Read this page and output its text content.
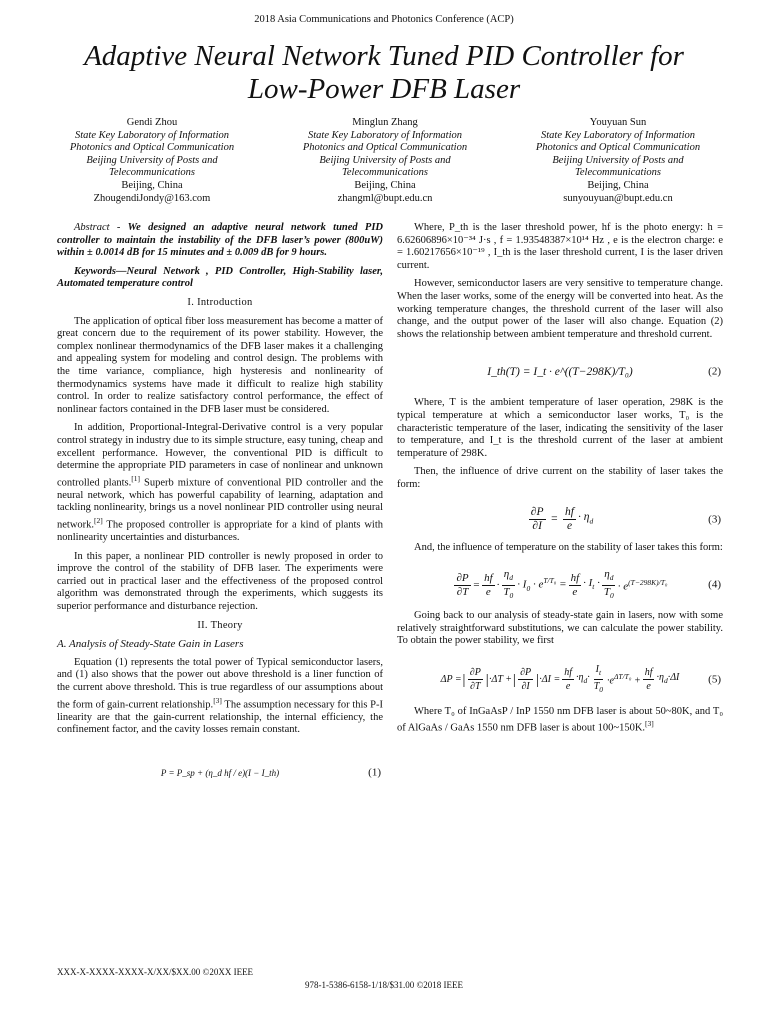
2018 Asia Communications and Photonics Conference (ACP)
Adaptive Neural Network Tuned PID Controller for
Low-Power DFB Laser
Gendi Zhou
State Key Laboratory of Information
Photonics and Optical Communication
Beijing University of Posts and
Telecommunications
Beijing, China
ZhougendiJondy@163.com
Minglun Zhang
State Key Laboratory of Information
Photonics and Optical Communication
Beijing University of Posts and
Telecommunications
Beijing, China
zhangml@bupt.edu.cn
Youyuan Sun
State Key Laboratory of Information
Photonics and Optical Communication
Beijing University of Posts and
Telecommunications
Beijing, China
sunyouyuan@bupt.edu.cn

Abstract - We designed an adaptive neural network tuned PID controller to maintain the instability of the DFB laser’s power (800uW) within ± 0.0014 dB for 15 minutes and ± 0.009 dB for 9 hours.

Keywords—Neural Network , PID Controller, High-Stability laser, Automated temperature control

I. Introduction

The application of optical fiber loss measurement has become a matter of great concern due to the requirement of its power stability. However, the complex nonlinear thermodynamics of the DFB laser makes it a challenging and appealing system for modeling and control design. The problems with the time variance, compliance, high hysteresis and nonlinearity of thermodynamics systems have made it difficult to realize high stability control. In order to realize satisfactory control performance, the effect of nonlinear factors contained in the DFB laser must be considered.

In addition, Proportional-Integral-Derivative control is a very popular control strategy in industry due to its simple structure, easy tuning, cheap and excellent performance. However, the conventional PID is difficult to determine the appropriate PID parameters in case of nonlinear and unknown controlled plants.[1] Superb mixture of conventional PID controller and the neural network, which has powerful capability of learning, adaptation and tackling nonlinearity, brings us a novel nonlinear PID controller using neural network.[2] The proposed controller is appropriate for a kind of plants with nonlinearity uncertainties and disturbances.

In this paper, a nonlinear PID controller is newly proposed in order to improve the control of the stability of DFB laser. The experiments were carried out in practical laser and the effectiveness of the proposed control algorithm was demonstrated through the experiments, which suggests its superior performance and disturbance rejection.

II. Theory

A. Analysis of Steady-State Gain in Lasers

Equation (1) represents the total power of Typical semiconductor lasers, and (1) also shows that the power out above threshold is a liner function of the current above threshold. This is true regardless of our assumptions about the form of gain-current relationship.[3] The assumption necessary for this P-I linearity are that the gain-current relationship, the internal efficiency, the confinement factor, and the cavity losses remain constant.

P = P_sp + (η_d hf / e)(I − I_th)	(1)

Where, P_th is the laser threshold power, hf is the photo energy: h = 6.62606896×10⁻³⁴ J·s , f = 1.93548387×10¹⁴ Hz , e is the electron charge: e = 1.60217656×10⁻¹⁹ , I_th is the laser threshold current, I is the laser driven current.

However, semiconductor lasers are very sensitive to temperature change. When the laser works, some of the energy will be converted into heat. As the working temperature changes, the threshold current of the laser will also change, and the output power of the laser will also change. Equation (2) shows the relationship between ambient temperature and threshold current.

I_th(T) = I_t · e^((T−298K)/T₀)	(2)

Where, T is the ambient temperature of laser operation, 298K is the typical temperature at which a semiconductor laser works, T₀ is the characteristic temperature of the laser, indicating the sensitivity of the laser to temperature, and I_t is the threshold current of the laser at ambient temperature of 298K.

Then, the influence of drive current on the stability of laser takes the form:

$\frac{\partial P}{\partial I} = \frac{hf}{e} \cdot \eta_d$	(3)

And, the influence of temperature on the stability of laser takes this form:

$\frac{\partial P}{\partial T} = \frac{hf}{e} \cdot \frac{\eta_d}{T_0} \cdot I_0 \cdot e^{T/T_0} = \frac{hf}{e} \cdot I_t \cdot \frac{\eta_d}{T_0} \cdot e^{(T-298K)/T_0}$	(4)

Going back to our analysis of steady-state gain in lasers, now with some relatively straightforward substitutions, we can calculate the power stability. To obtain the power stability, we first

ΔP = | $\frac{\partial P}{\partial T}$ | ·ΔT + | $\frac{\partial P}{\partial I}$ | $\cdot\Delta I = \frac{hf}{e} \cdot\eta_d\cdot \frac{I_t}{T_0} \cdot e^{\Delta T/T_0} + \frac{hf}{e} \cdot\eta_d\cdot\Delta I$	(5)

Where T₀ of InGaAsP / InP 1550 nm DFB laser is about 50~80K, and T₀ of AlGaAs / GaAs 1550 nm DFB laser is about 100~150K.[3]

XXX-X-XXXX-XXXX-X/XX/$XX.00 ©20XX IEEE
978-1-5386-6158-1/18/$31.00 ©2018 IEEE
